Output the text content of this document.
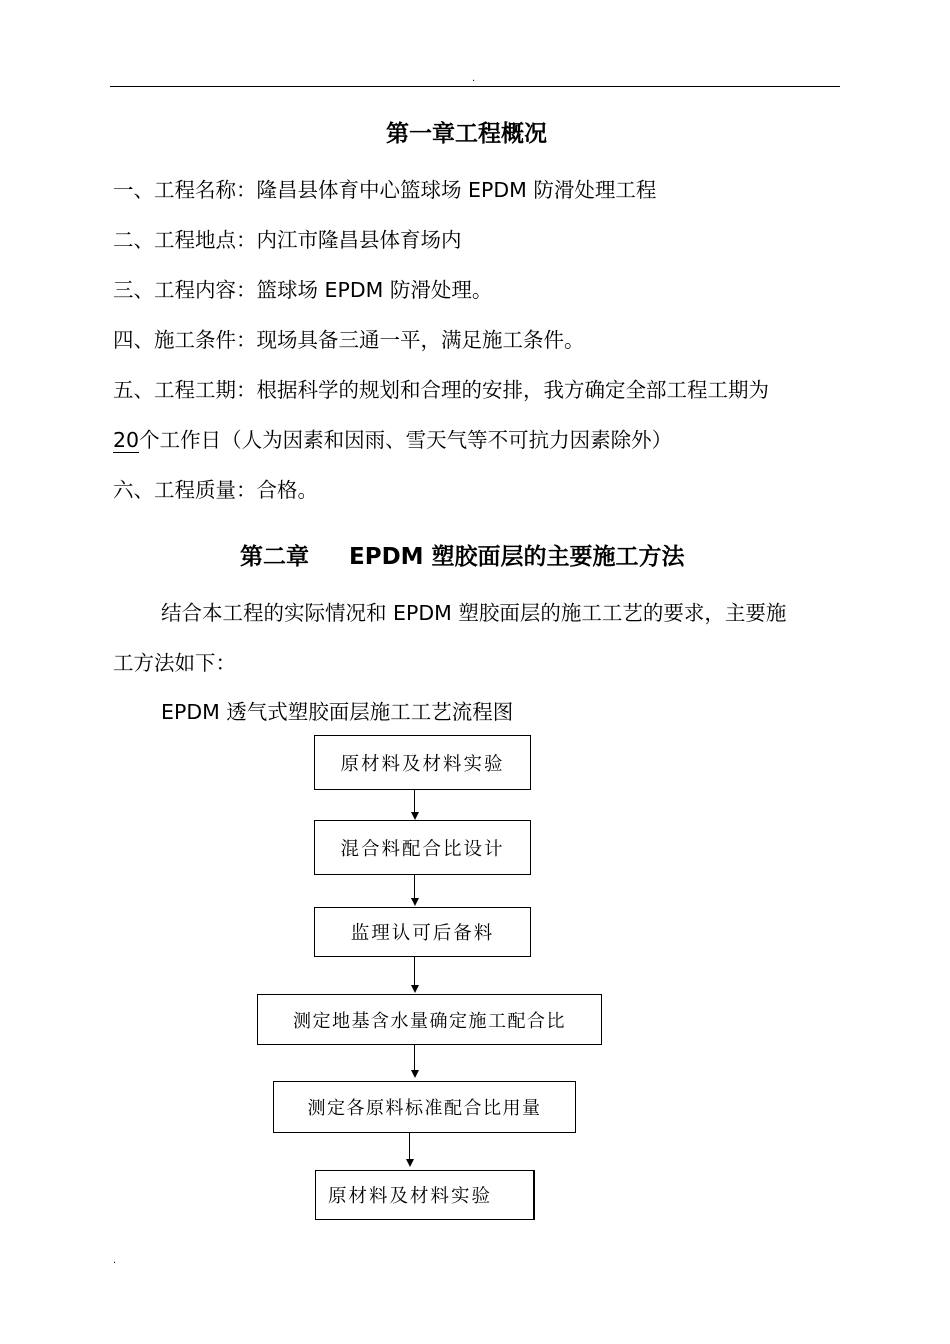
.
第一章工程概况
一、工程名称：隆昌县体育中心篮球场 EPDM 防滑处理工程
二、工程地点：内江市隆昌县体育场内
三、工程内容：篮球场 EPDM 防滑处理。
四、施工条件：现场具备三通一平，满足施工条件。
五、工程工期：根据科学的规划和合理的安排，我方确定全部工程工期为
20个工作日（人为因素和因雨、雪天气等不可抗力因素除外）
六、工程质量：合格。
第二章 EPDM 塑胶面层的主要施工方法
结合本工程的实际情况和 EPDM 塑胶面层的施工工艺的要求，主要施
工方法如下：
EPDM 透气式塑胶面层施工工艺流程图
原材料及材料实验
混合料配合比设计
监理认可后备料
测定地基含水量确定施工配合比
测定各原料标准配合比用量
原材料及材料实验
.
